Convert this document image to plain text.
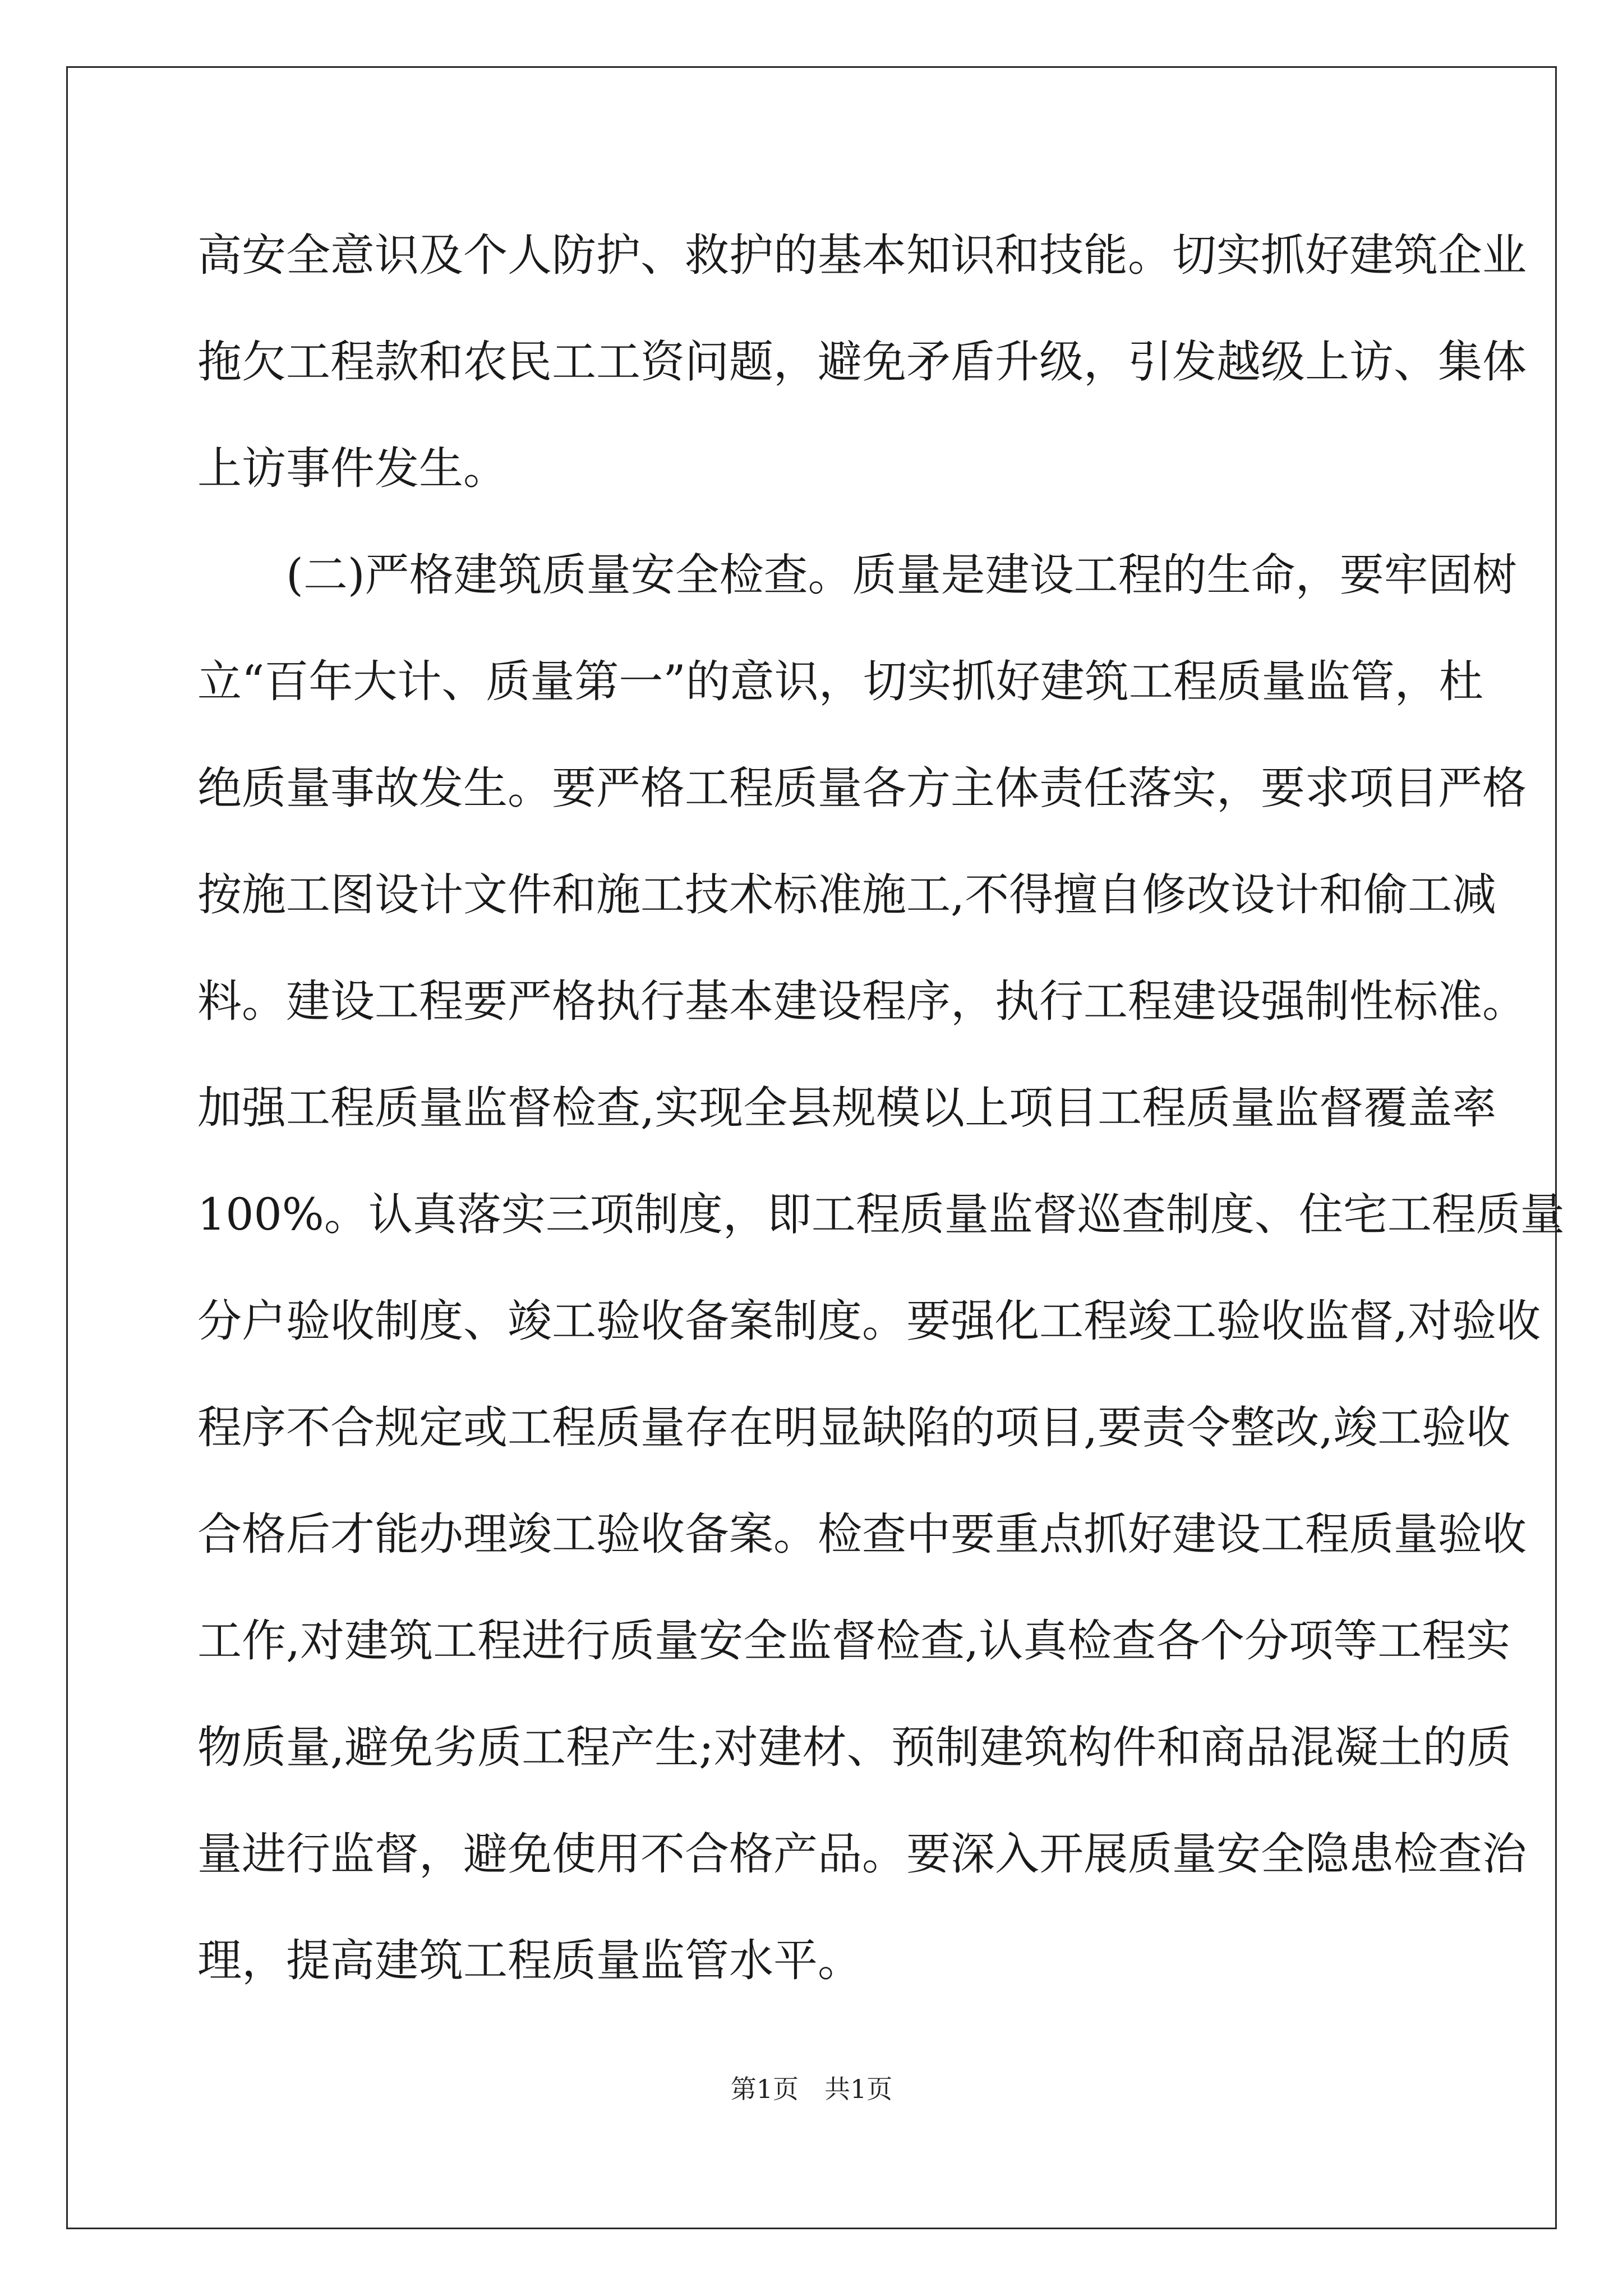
高安全意识及个人防护、救护的基本知识和技能。切实抓好建筑企业
拖欠工程款和农民工工资问题，避免矛盾升级，引发越级上访、集体
上访事件发生。
　　(二)严格建筑质量安全检查。质量是建设工程的生命，要牢固树
立“百年大计、质量第一”的意识，切实抓好建筑工程质量监管，杜
绝质量事故发生。要严格工程质量各方主体责任落实，要求项目严格
按施工图设计文件和施工技术标准施工,不得擅自修改设计和偷工减
料。建设工程要严格执行基本建设程序，执行工程建设强制性标准。
加强工程质量监督检查,实现全县规模以上项目工程质量监督覆盖率
100%。认真落实三项制度，即工程质量监督巡查制度、住宅工程质量
分户验收制度、竣工验收备案制度。要强化工程竣工验收监督,对验收
程序不合规定或工程质量存在明显缺陷的项目,要责令整改,竣工验收
合格后才能办理竣工验收备案。检查中要重点抓好建设工程质量验收
工作,对建筑工程进行质量安全监督检查,认真检查各个分项等工程实
物质量,避免劣质工程产生;对建材、预制建筑构件和商品混凝土的质
量进行监督，避免使用不合格产品。要深入开展质量安全隐患检查治
理，提高建筑工程质量监管水平。
第1页　共1页
